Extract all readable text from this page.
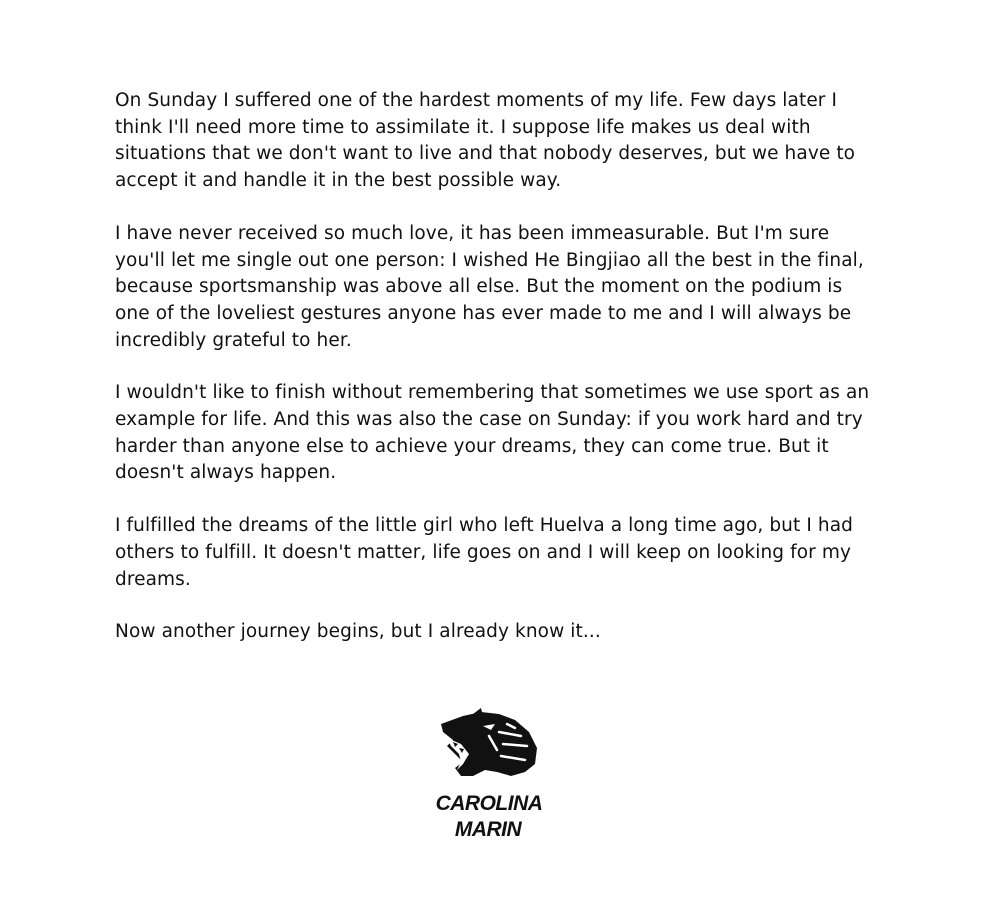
On Sunday I suffered one of the hardest moments of my life. Few days later I think I'll need more time to assimilate it. I suppose life makes us deal with situations that we don't want to live and that nobody deserves, but we have to accept it and handle it in the best possible way.

I have never received so much love, it has been immeasurable. But I'm sure you'll let me single out one person: I wished He Bingjiao all the best in the final, because sportsmanship was above all else. But the moment on the podium is one of the loveliest gestures anyone has ever made to me and I will always be incredibly grateful to her.

I wouldn't like to finish without remembering that sometimes we use sport as an example for life. And this was also the case on Sunday: if you work hard and try harder than anyone else to achieve your dreams, they can come true. But it doesn't always happen.

I fulfilled the dreams of the little girl who left Huelva a long time ago, but I had others to fulfill. It doesn't matter, life goes on and I will keep on looking for my dreams.

Now another journey begins, but I already know it...

CAROLINA
MARIN
